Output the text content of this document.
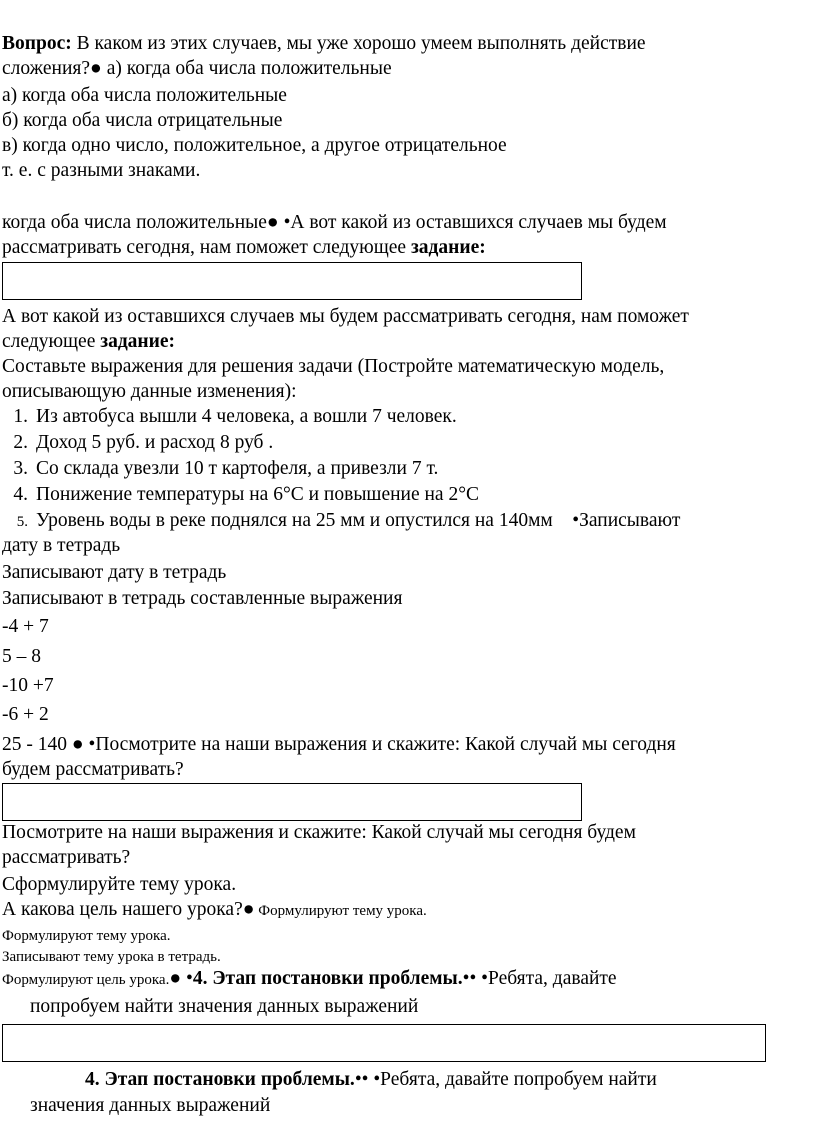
Вопрос: В каком из этих случаев, мы уже хорошо умеем выполнять действие
сложения?● а) когда оба числа положительные
а) когда оба числа положительные
б) когда оба числа отрицательные
в) когда одно число, положительное, а другое отрицательное
т. е. с разными знаками.
когда оба числа положительные● •А вот какой из оставшихся случаев мы будем
рассматривать сегодня, нам поможет следующее задание:
А вот какой из оставшихся случаев мы будем рассматривать сегодня, нам поможет
следующее задание:
Составьте выражения для решения задачи (Постройте математическую модель,
описывающую данные изменения):
1. Из автобуса вышли 4 человека, а вошли 7 человек.
2. Доход 5 руб. и расход 8 руб .
3. Со склада увезли 10 т картофеля, а привезли 7 т.
4. Понижение температуры на 6°С и повышение на 2°С
5. Уровень воды в реке поднялся на 25 мм и опустился на 140мм •Записывают
дату в тетрадь
Записывают дату в тетрадь
Записывают в тетрадь составленные выражения
-4 + 7
5 – 8
-10 +7
-6 + 2
25 - 140 ● •Посмотрите на наши выражения и скажите: Какой случай мы сегодня
будем рассматривать?
Посмотрите на наши выражения и скажите: Какой случай мы сегодня будем
рассматривать?
Сформулируйте тему урока.
А какова цель нашего урока?● Формулируют тему урока.
Формулируют тему урока.
Записывают тему урока в тетрадь.
Формулируют цель урока.● •4. Этап постановки проблемы.•• •Ребята, давайте
попробуем найти значения данных выражений
4. Этап постановки проблемы.•• •Ребята, давайте попробуем найти
значения данных выражений
